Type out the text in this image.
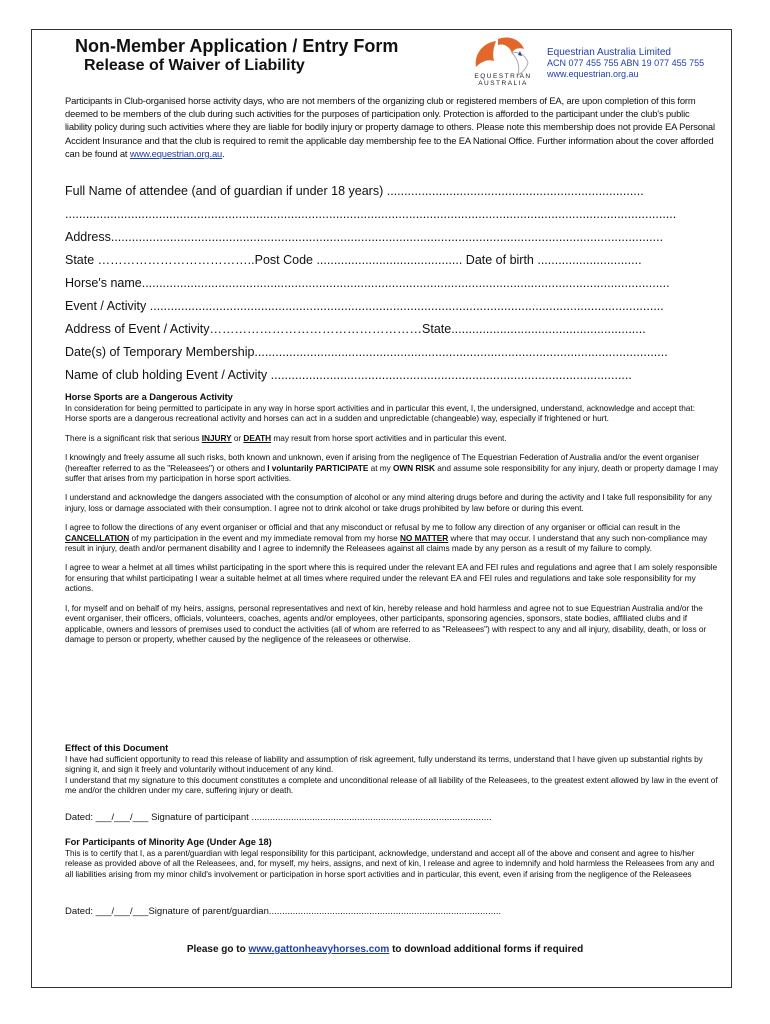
Non-Member Application / Entry Form
Release of Waiver of Liability
EQUESTRIAN
AUSTRALIA
Equestrian Australia Limited
ACN 077 455 755 ABN 19 077 455 755
www.equestrian.org.au

Participants in Club-organised horse activity days, who are not members of the organizing club or registered members of EA, are upon completion of this form deemed to be members of the club during such activities for the purposes of participation only. Protection is afforded to the participant under the club's public liability policy during such activities where they are liable for bodily injury or property damage to others. Please note this membership does not provide EA Personal Accident Insurance and that the club is required to remit the applicable day membership fee to the EA National Office. Further information about the cover afforded can be found at www.equestrian.org.au.

Full Name of attendee (and of guardian if under 18 years) ..........................................................................
................................................................................................................................................................................
Address...............................................................................................................................................................
State ………………………………..Post Code .......................................... Date of birth ..............................
Horse's name........................................................................................................................................................
Event / Activity ....................................................................................................................................................
Address of Event / Activity……………………………………………State........................................................
Date(s) of Temporary Membership.......................................................................................................................
Name of club holding Event / Activity ........................................................................................................

Horse Sports are a Dangerous Activity

In consideration for being permitted to participate in any way in horse sport activities and in particular this event, I, the undersigned, understand, acknowledge and accept that:

Horse sports are a dangerous recreational activity and horses can act in a sudden and unpredictable (changeable) way, especially if frightened or hurt.

There is a significant risk that serious INJURY or DEATH may result from horse sport activities and in particular this event.

I knowingly and freely assume all such risks, both known and unknown, even if arising from the negligence of The Equestrian Federation of Australia and/or the event organiser (hereafter referred to as the "Releasees") or others and I voluntarily PARTICIPATE at my OWN RISK and assume sole responsibility for any injury, death or property damage I may suffer that arises from my participation in horse sport activities.

I understand and acknowledge the dangers associated with the consumption of alcohol or any mind altering drugs before and during the activity and I take full responsibility for any injury, loss or damage associated with their consumption. I agree not to drink alcohol or take drugs prohibited by law before or during this event.

I agree to follow the directions of any event organiser or official and that any misconduct or refusal by me to follow any direction of any organiser or official can result in the CANCELLATION of my participation in the event and my immediate removal from my horse NO MATTER where that may occur. I understand that any such non-compliance may result in injury, death and/or permanent disability and I agree to indemnify the Releasees against all claims made by any person as a result of my failure to comply.

I agree to wear a helmet at all times whilst participating in the sport where this is required under the relevant EA and FEI rules and regulations and agree that I am solely responsible for ensuring that whilst participating I wear a suitable helmet at all times where required under the relevant EA and FEI rules and regulations and take sole responsibility for my actions.

I, for myself and on behalf of my heirs, assigns, personal representatives and next of kin, hereby release and hold harmless and agree not to sue Equestrian Australia and/or the event organiser, their officers, officials, volunteers, coaches, agents and/or employees, other participants, sponsoring agencies, sponsors, state bodies, affiliated clubs and if applicable, owners and lessors of premises used to conduct the activities (all of whom are referred to as "Releasees") with respect to any and all injury, disability, death, or loss or damage to person or property, whether caused by the negligence of the releasees or otherwise.

Effect of this Document

I have had sufficient opportunity to read this release of liability and assumption of risk agreement, fully understand its terms, understand that I have given up substantial rights by signing it, and sign it freely and voluntarily without inducement of any kind.

I understand that my signature to this document constitutes a complete and unconditional release of all liability of the Releasees, to the greatest extent allowed by law in the event of me and/or the children under my care, suffering injury or death.

Dated: ___/___/___ Signature of participant ...........................................................................................

For Participants of Minority Age (Under Age 18)

This is to certify that I, as a parent/guardian with legal responsibility for this participant, acknowledge, understand and accept all of the above and consent and agree to his/her release as provided above of all the Releasees, and, for myself, my heirs, assigns, and next of kin, I release and agree to indemnify and hold harmless the Releasees from any and all liabilities arising from my minor child's involvement or participation in horse sport activities and in particular, this event, even if arising from the negligence of the Releasees

Dated: ___/___/___Signature of parent/guardian........................................................................................
Please go to www.gattonheavyhorses.com to download additional forms if required
